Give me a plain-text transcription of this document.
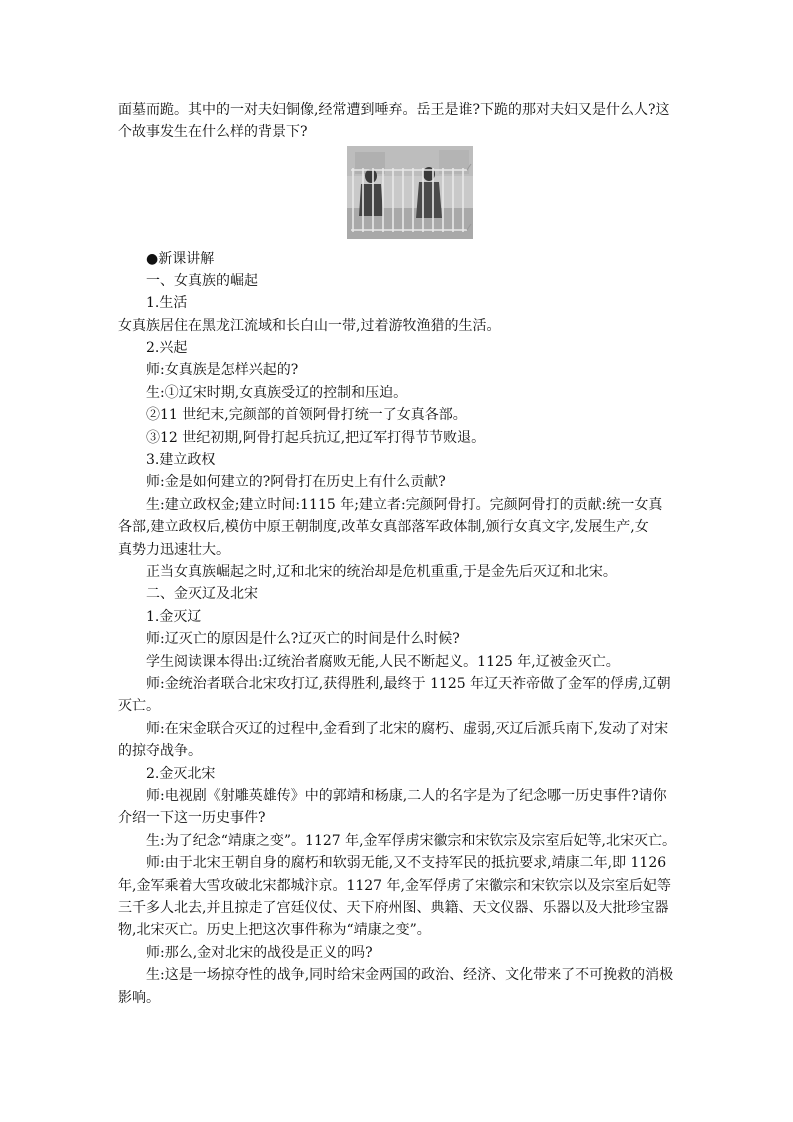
面墓而跪。其中的一对夫妇铜像,经常遭到唾弃。岳王是谁?下跪的那对夫妇又是什么人?这
个故事发生在什么样的背景下?
●新课讲解
一、女真族的崛起
1.生活
女真族居住在黑龙江流域和长白山一带,过着游牧渔猎的生活。
2.兴起
师:女真族是怎样兴起的?
生:①辽宋时期,女真族受辽的控制和压迫。
②11 世纪末,完颜部的首领阿骨打统一了女真各部。
③12 世纪初期,阿骨打起兵抗辽,把辽军打得节节败退。
3.建立政权
师:金是如何建立的?阿骨打在历史上有什么贡献?
生:建立政权金;建立时间:1115 年;建立者:完颜阿骨打。完颜阿骨打的贡献:统一女真
各部,建立政权后,模仿中原王朝制度,改革女真部落军政体制,颁行女真文字,发展生产,女
真势力迅速壮大。
正当女真族崛起之时,辽和北宋的统治却是危机重重,于是金先后灭辽和北宋。
二、金灭辽及北宋
1.金灭辽
师:辽灭亡的原因是什么?辽灭亡的时间是什么时候?
学生阅读课本得出:辽统治者腐败无能,人民不断起义。1125 年,辽被金灭亡。
师:金统治者联合北宋攻打辽,获得胜利,最终于 1125 年辽天祚帝做了金军的俘虏,辽朝
灭亡。
师:在宋金联合灭辽的过程中,金看到了北宋的腐朽、虚弱,灭辽后派兵南下,发动了对宋
的掠夺战争。
2.金灭北宋
师:电视剧《射雕英雄传》中的郭靖和杨康,二人的名字是为了纪念哪一历史事件?请你
介绍一下这一历史事件?
生:为了纪念“靖康之变”。1127 年,金军俘虏宋徽宗和宋钦宗及宗室后妃等,北宋灭亡。
师:由于北宋王朝自身的腐朽和软弱无能,又不支持军民的抵抗要求,靖康二年,即 1126
年,金军乘着大雪攻破北宋都城汴京。1127 年,金军俘虏了宋徽宗和宋钦宗以及宗室后妃等
三千多人北去,并且掠走了宫廷仪仗、天下府州图、典籍、天文仪器、乐器以及大批珍宝器
物,北宋灭亡。历史上把这次事件称为“靖康之变”。
师:那么,金对北宋的战役是正义的吗?
生:这是一场掠夺性的战争,同时给宋金两国的政治、经济、文化带来了不可挽救的消极
影响。
